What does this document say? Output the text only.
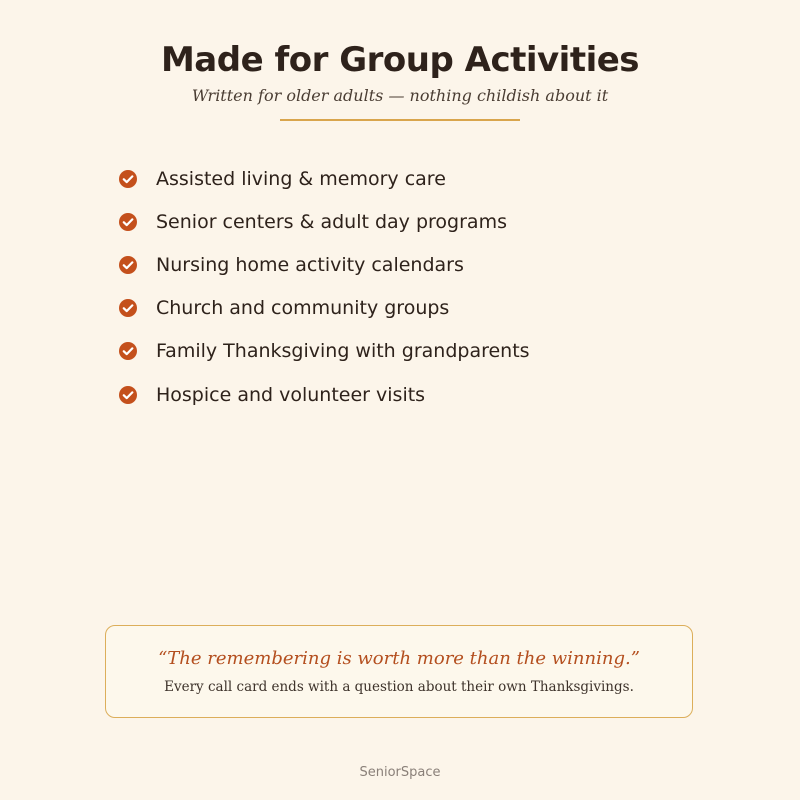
Made for Group Activities
Written for older adults — nothing childish about it
Assisted living & memory care
Senior centers & adult day programs
Nursing home activity calendars
Church and community groups
Family Thanksgiving with grandparents
Hospice and volunteer visits
“The remembering is worth more than the winning.”
Every call card ends with a question about their own Thanksgivings.
SeniorSpace
